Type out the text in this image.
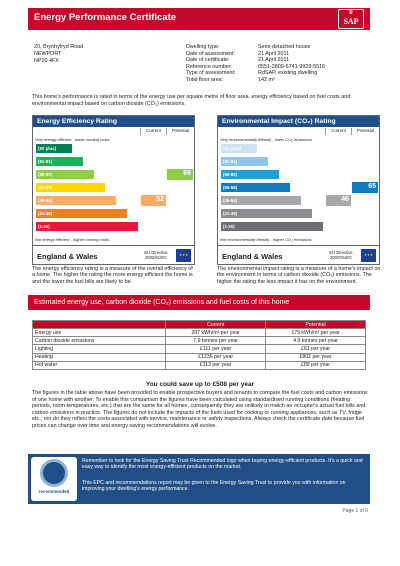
Energy Performance Certificate	♛
SAP
20, Brynhyfryd Road
NEWPORT
NP20 4FX
Dwelling type:	Semi-detached house
Date of assessment:	21 April 2011
Date of certificate:	21 April 2011
Reference number:	0551-2809-6741-9929-5516
Type of assessment:	RdSAP, existing dwelling
Total floor area:	142 m²
This home's performance is rated in terms of the energy use per square metre of floor area, energy efficiency based on fuel costs and environmental impact based on carbon dioxide (CO₂) emissions.
Energy Efficiency Rating
Current	Potential
Very energy efficient - lower running costs
(92 plus)
(81-91)
(69-80)
(55-68)
(39-54)
(21-38)
(1-20)
Not energy efficient - higher running costs
52
69
England & Wales	EU Directive 2002/91/EC	★★★
Environmental Impact (CO₂) Rating
Current	Potential
Very environmentally friendly - lower CO₂ emissions
(92 plus)
(81-91)
(69-80)
(55-68)
(39-54)
(21-38)
(1-20)
Not environmentally friendly - higher CO₂ emissions
46
65
England & Wales	EU Directive 2002/91/EC	★★★
The energy efficiency rating is a measure of the overall efficiency of a home. The higher the rating the more energy efficient the home is and the lower the fuel bills are likely to be.
The environmental impact rating is a measure of a home's impact on the environment in terms of carbon dioxide (CO₂) emissions. The higher the rating the less impact it has on the environment.
Estimated energy use, carbon dioxide (CO₂) emissions and fuel costs of this home
	Current	Potential
Energy use	287 kWh/m² per year	179 kWh/m² per year
Carbon dioxide emissions	7.9 tonnes per year	4.9 tonnes per year
Lighting	£111 per year	£61 per year
Heating	£1236 per year	£802 per year
Hot water	£113 per year	£89 per year
You could save up to £508 per year
The figures in the table above have been provided to enable prospective buyers and tenants to compare the fuel costs and carbon emissions of one home with another. To enable this comparison the figures have been calculated using standardised running conditions (heating periods, room temperatures, etc.) that are the same for all homes, consequently they are unlikely to match an occupier's actual fuel bills and carbon emissions in practice. The figures do not include the impacts of the fuels used for cooking or running appliances, such as TV, fridge etc.; nor do they reflect the costs associated with service, maintenance or safety inspections. Always check the certificate date because fuel prices can change over time and energy saving recommendations will evolve.
recommended
Remember to look for the Energy Saving Trust Recommended logo when buying energy-efficient products. It's a quick and easy way to identify the most energy-efficient products on the market.
This EPC and recommendations report may be given to the Energy Saving Trust to provide you with information on improving your dwelling's energy performance.
Page 1 of 6
